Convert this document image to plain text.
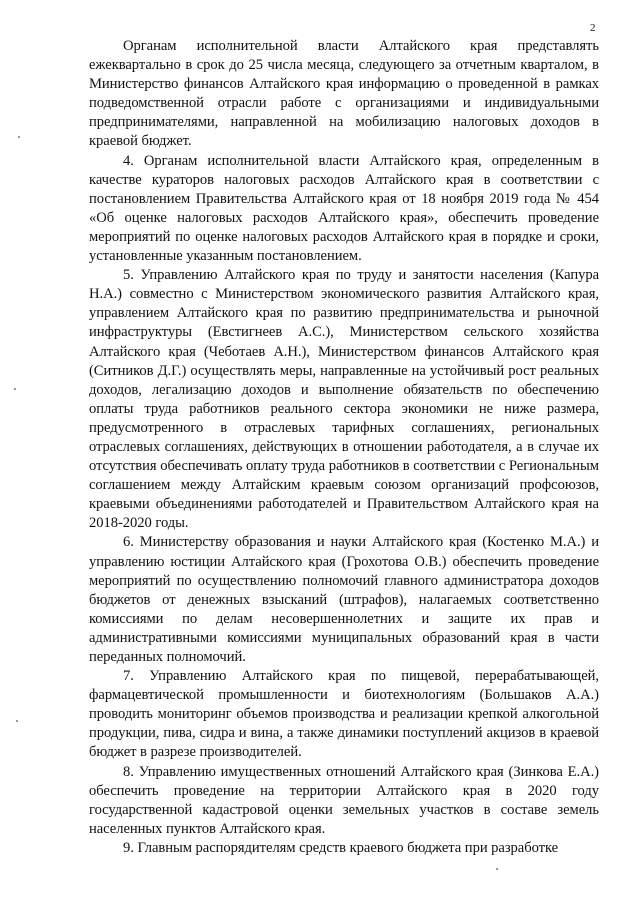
2

Органам исполнительной власти Алтайского края представлять ежеквартально в срок до 25 числа месяца, следующего за отчетным кварталом, в Министерство финансов Алтайского края информацию о проведенной в рамках подведомственной отрасли работе с организациями и индивидуальными предпринимателями, направленной на мобилизацию налоговых доходов в краевой бюджет.

4. Органам исполнительной власти Алтайского края, определенным в качестве кураторов налоговых расходов Алтайского края в соответствии с постановлением Правительства Алтайского края от 18 ноября 2019 года № 454 «Об оценке налоговых расходов Алтайского края», обеспечить проведение мероприятий по оценке налоговых расходов Алтайского края в порядке и сроки, установленные указанным постановлением.

5. Управлению Алтайского края по труду и занятости населения (Капура Н.А.) совместно с Министерством экономического развития Алтайского края, управлением Алтайского края по развитию предпринимательства и рыночной инфраструктуры (Евстигнеев А.С.), Министерством сельского хозяйства Алтайского края (Чеботаев А.Н.), Министерством финансов Алтайского края (Ситников Д.Г.) осуществлять меры, направленные на устойчивый рост реальных доходов, легализацию доходов и выполнение обязательств по обеспечению оплаты труда работников реального сектора экономики не ниже размера, предусмотренного в отраслевых тарифных соглашениях, региональных отраслевых соглашениях, действующих в отношении работодателя, а в случае их отсутствия обеспечивать оплату труда работников в соответствии с Региональным соглашением между Алтайским краевым союзом организаций профсоюзов, краевыми объединениями работодателей и Правительством Алтайского края на 2018-2020 годы.

6. Министерству образования и науки Алтайского края (Костенко М.А.) и управлению юстиции Алтайского края (Грохотова О.В.) обеспечить проведение мероприятий по осуществлению полномочий главного администратора доходов бюджетов от денежных взысканий (штрафов), налагаемых соответственно комиссиями по делам несовершеннолетних и защите их прав и административными комиссиями муниципальных образований края в части переданных полномочий.

7. Управлению Алтайского края по пищевой, перерабатывающей, фармацевтической промышленности и биотехнологиям (Большаков А.А.) проводить мониторинг объемов производства и реализации крепкой алкогольной продукции, пива, сидра и вина, а также динамики поступлений акцизов в краевой бюджет в разрезе производителей.

8. Управлению имущественных отношений Алтайского края (Зинкова Е.А.) обеспечить проведение на территории Алтайского края в 2020 году государственной кадастровой оценки земельных участков в составе земель населенных пунктов Алтайского края.

9. Главным распорядителям средств краевого бюджета при разработке
